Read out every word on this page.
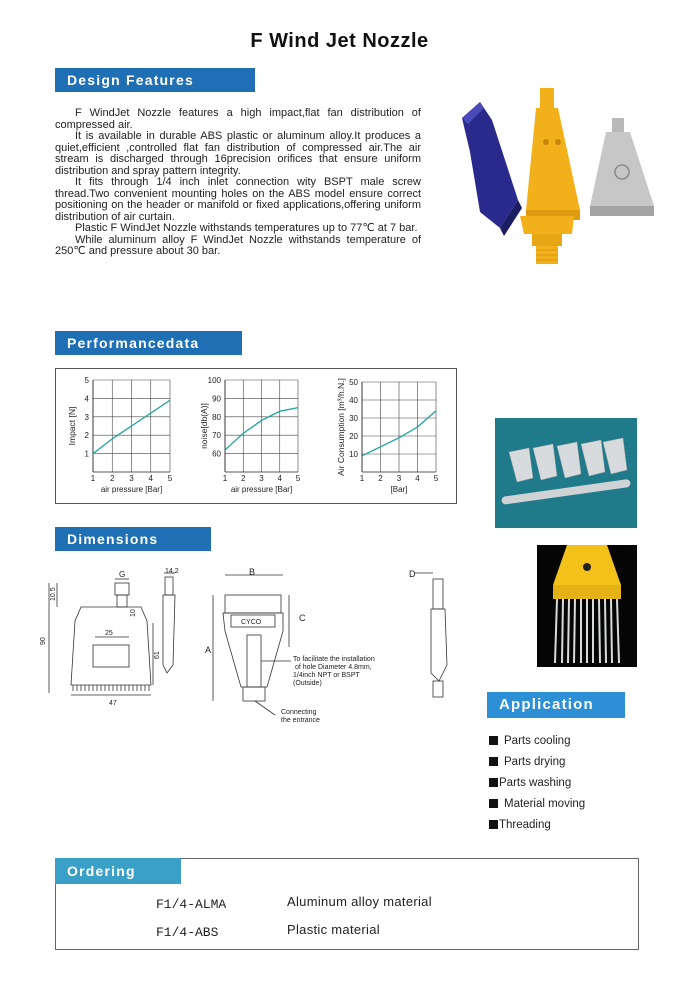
F Wind Jet Nozzle
Design Features

F WindJet Nozzle features a high impact,flat fan distribution of compressed air.

It is available in durable ABS plastic or aluminum alloy.It produces a quiet,efficient ,controlled flat fan distribution of compressed air.The air stream is discharged through 16precision orifices that ensure uniform distribution and spray pattern integrity.

It fits through 1/4 inch inlet connection wity BSPT male screw thread.Two convenient mounting holes on the ABS model ensure correct positioning on the header or manifold or fixed applications,offering uniform distribution of air curtain.

Plastic F WindJet Nozzle withstands temperatures up to 77℃ at 7 bar.

While aluminum alloy F WindJet Nozzle withstands temperature of 250℃ and pressure about 30 bar.

Performancedata
1 2 3 4 5
1
2
3
4
5
air pressure [Bar]
Impact [N]
1 2 3 4 5
60
70
80
90
100
air pressure [Bar]
noise[db(A)]
1 2 3 4 5
10
20
30
40
50
[Bar]
Air Consumption [m³/h.N.]
Dimensions
G
10.5
14.2
10
25
90
61
47
B
A
C
D
CYCO
To facilitate the installation
of hole Diameter 4.8mm,
1/4inch NPT or BSPT
(Outside)
Connecting
the entrance
Application
Parts cooling
Parts drying
Parts washing
Material moving
Threading
Ordering info	F1/4-ALMA	Aluminum alloy material
F1/4-ABS	Plastic material
